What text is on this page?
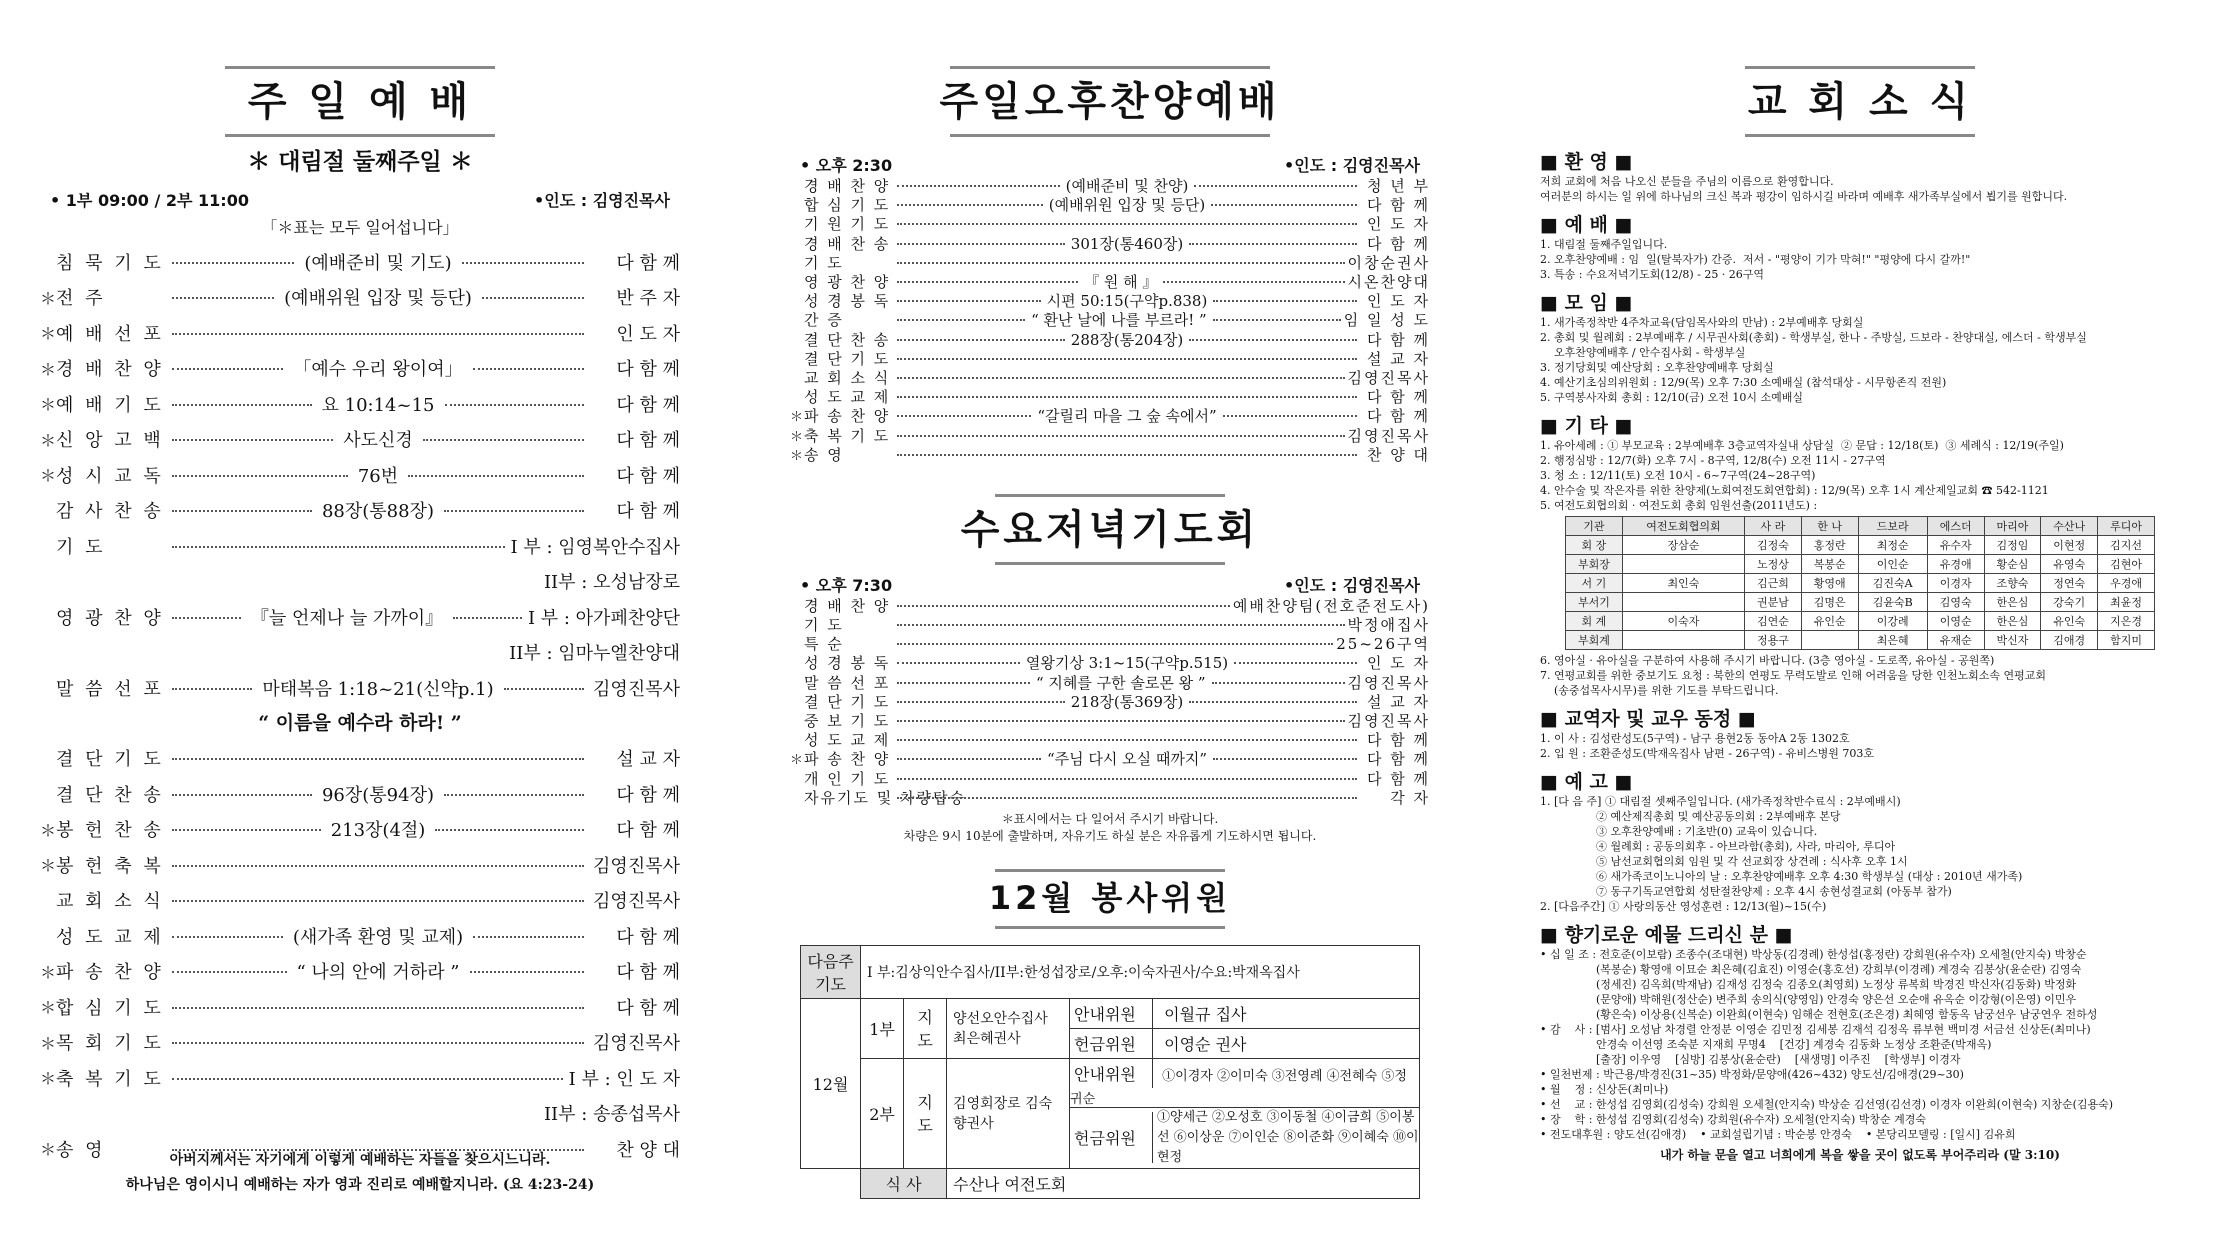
주 일 예 배
＊ 대림절 둘째주일 ＊
• 1부 09:00 / 2부 11:00	•인도 : 김영진목사
「＊표는 모두 일어섭니다」
침 묵 기 도	(예배준비 및 기도)	다 함 께
＊ 전 주	(예배위원 입장 및 등단)	반 주 자
＊ 예 배 선 포	인 도 자
＊ 경 배 찬 양	「예수 우리 왕이여」	다 함 께
＊ 예 배 기 도	요 10:14~15	다 함 께
＊ 신 앙 고 백	사도신경	다 함 께
＊ 성 시 교 독	76번	다 함 께
감 사 찬 송	88장(통88장)	다 함 께
기 도	I 부 : 임영복안수집사
II부 : 오성남장로
영 광 찬 양	『늘 언제나 늘 가까이』	I 부 : 아가페찬양단
II부 : 임마누엘찬양대
말 씀 선 포	마태복음 1:18~21(신약p.1)	김영진목사
“ 이름을 예수라 하라! ”
결 단 기 도	설 교 자
결 단 찬 송	96장(통94장)	다 함 께
＊ 봉 헌 찬 송	213장(4절)	다 함 께
＊ 봉 헌 축 복	김영진목사
교 회 소 식	김영진목사
성 도 교 제	(새가족 환영 및 교제)	다 함 께
＊ 파 송 찬 양	“ 나의 안에 거하라 ”	다 함 께
＊ 합 심 기 도	다 함 께
＊ 목 회 기 도	김영진목사
＊ 축 복 기 도	I 부 : 인 도 자
II부 : 송종섭목사
＊ 송 영	찬 양 대
아버지께서는 자기에게 이렇게 예배하는 자들을 찾으시느니라.
하나님은 영이시니 예배하는 자가 영과 진리로 예배할지니라. (요 4:23-24)
주일오후찬양예배
• 오후 2:30	•인도 : 김영진목사
경 배 찬 양	(예배준비 및 찬양)	청 년 부
합 심 기 도	(예배위원 입장 및 등단)	다 함 께
기 원 기 도	인 도 자
경 배 찬 송	301장(통460장)	다 함 께
기 도	이창순권사
영 광 찬 양	『 원 해 』	시온찬양대
성 경 봉 독	시편 50:15(구약p.838)	인 도 자
간 증	“ 환난 날에 나를 부르라! ”	임 일 성 도
결 단 찬 송	288장(통204장)	다 함 께
결 단 기 도	설 교 자
교 회 소 식	김영진목사
성 도 교 제	다 함 께
＊ 파 송 찬 양	“갈릴리 마을 그 숲 속에서”	다 함 께
＊ 축 복 기 도	김영진목사
＊ 송 영	찬 양 대
수요저녁기도회
• 오후 7:30	•인도 : 김영진목사
경 배 찬 양	예배찬양팀(전호준전도사)
기 도	박정애집사
특 순	25~26구역
성 경 봉 독	열왕기상 3:1~15(구약p.515)	인 도 자
말 씀 선 포	“ 지혜를 구한 솔로몬 왕 ”	김영진목사
결 단 기 도	218장(통369장)	설 교 자
중 보 기 도	김영진목사
성 도 교 제	다 함 께
＊ 파 송 찬 양	“주님 다시 오실 때까지”	다 함 께
개 인 기 도	다 함 께
자유기도 및 차량탑승	각 자
＊표시에서는 다 일어서 주시기 바랍니다.
차량은 9시 10분에 출발하며, 자유기도 하실 분은 자유롭게 기도하시면 됩니다.
12월 봉사위원
다음주기도	I 부:김상익안수집사/II부:한성섭장로/오후:이숙자권사/수요:박재옥집사			
12월	1부	지도	양선오안수집사 최은혜권사	안내위원 이월규 집사
				헌금위원 이영순 권사
	2부	지도	김영회장로 김숙향권사	안내위원 ①이경자 ②이미숙 ③전영례 ④전혜숙 ⑤정귀순

				헌금위원
①양세근 ②오성호 ③이동철 ④이금희 ⑤이봉선 ⑥이상운 ⑦이인순 ⑧이준화 ⑨이혜숙 ⑩이현정

	식 사		수산나 여전도회	
교 회 소 식
■ 환 영 ■
저희 교회에 처음 나오신 분들을 주님의 이름으로 환영합니다.
여러분의 하시는 일 위에 하나님의 크신 복과 평강이 임하시길 바라며 예배후 새가족부실에서 뵙기를 원합니다.
■ 예 배 ■
1. 대림절 둘째주일입니다.
2. 오후찬양예배 : 임  일(탈북자가) 간증.  저서 - "평양이 기가 막혀!" "평양에 다시 갈까!"
3. 특송 : 수요저녁기도회(12/8) - 25 · 26구역
■ 모 임 ■
1. 새가족정착반 4주차교육(담임목사와의 만남) : 2부예배후 당회실
2. 총회 및 월례회 : 2부예배후 / 시무권사회(총회) - 학생부실, 한나 - 주방실, 드보라 - 찬양대실, 에스더 - 학생부실
오후찬양예배후 / 안수집사회 - 학생부실
3. 정기당회및 예산당회 : 오후찬양예배후 당회실
4. 예산기초심의위원회 : 12/9(목) 오후 7:30 소예배실 (참석대상 - 시무항존직 전원)
5. 구역봉사자회 총회 : 12/10(금) 오전 10시 소예배실
■ 기 타 ■
1. 유아세례 : ① 부모교육 : 2부예배후 3층교역자실내 상담실  ② 문답 : 12/18(토)  ③ 세례식 : 12/19(주일)
2. 행정심방 : 12/7(화) 오후 7시 - 8구역, 12/8(수) 오전 11시 - 27구역
3. 청 소 : 12/11(토) 오전 10시 - 6~7구역(24~28구역)
4. 안수술 및 작은자를 위한 찬양제(노회여전도회연합회) : 12/9(목) 오후 1시 계산제일교회 ☎ 542-1121
5. 여전도회협의회 · 여전도회 총회 임원선출(2011년도) :
기관	여전도회협의회	사 라	한 나	드보라	에스더	마리아	수산나	루디아
회 장	장삼순	김정숙	홍정란	최정순	유수자	김정임	이현정	김지선
부회장		노정상	복봉순	이인순	유경애	황순심	유영숙	김현아
서 기	최인숙	김근희	황영애	김진숙A	이경자	조향숙	정연숙	우경애
부서기		권분남	김명은	김윤숙B	김영숙	한은심	강숙기	최윤정
회 계	이숙자	김연순	유인순	이강례	이영순	한은심	유인숙	지은경
부회계		정용구		최은혜	유재순	박신자	김애경	함지미
6. 영아실 · 유아실을 구분하여 사용해 주시기 바랍니다. (3층 영아실 - 도로쪽, 유아실 - 공원쪽)
7. 연평교회를 위한 중보기도 요청 : 북한의 연평도 무력도발로 인해 어려움을 당한 인천노회소속 연평교회
(송중섭목사시무)를 위한 기도를 부탁드립니다.
■ 교역자 및 교우 동정 ■
1. 이 사 : 김성란성도(5구역) - 남구 용현2동 동아A 2동 1302호
2. 입 원 : 조환준성도(박재옥집사 남편 - 26구역) - 유비스병원 703호
■ 예 고 ■
1. [다 음 주] ① 대림절 셋째주일입니다. (새가족정착반수료식 : 2부예배시)
② 예산제직총회 및 예산공동의회 : 2부예배후 본당
③ 오후찬양예배 : 기초반(0) 교육이 있습니다.
④ 월례회 : 공동의회후 - 아브라함(총회), 사라, 마리아, 루디아
⑤ 남선교회협의회 임원 및 각 선교회장 상견례 : 식사후 오후 1시
⑥ 새가족코이노니아의 날 : 오후찬양예배후 오후 4:30 학생부실 (대상 : 2010년 새가족)
⑦ 동구기독교연합회 성탄절찬양제 : 오후 4시 송현성결교회 (아동부 참가)
2. [다음주간] ① 사랑의동산 영성훈련 : 12/13(월)~15(수)
■ 향기로운 예물 드리신 분 ■
• 십 일 조 : 전호준(이보람) 조종수(조대현) 박상동(김경례) 한성섭(홍정란) 강희원(유수자) 오세철(안지숙) 박창순
(복봉순) 황영애 이묘순 최은혜(김효진) 이영순(홍호선) 강희부(이경례) 계경숙 김봉상(윤순란) 김영숙
(정세진) 김옥희(박재남) 김재성 김정숙 김종오(최영희) 노정상 류복희 박경진 박신자(김동화) 박정화
(문양애) 박해원(정산순) 변주희 송의식(양영임) 안경숙 양은선 오순애 유옥순 이강형(이은영) 이민우
(황은숙) 이상용(신복순) 이완희(이현숙) 임해순 전현호(조은경) 최혜영 함동옥 남궁선우 남궁연우 전하성
• 감    사 : [범사] 오성남 차경렬 안정분 이영순 김민정 김세봉 김재석 김정옥 류부현 백미경 서금선 신상돈(최미나)
안경숙 이선영 조숙분 지재희 무명4    [건강] 계경숙 김동화 노정상 조환준(박재옥)
[출장] 이우영    [심방] 김봉상(윤순란)    [새생명] 이주진    [학생부] 이경자
• 일천번제 : 박근용/박경진(31~35) 박정화/문양애(426~432) 양도선/김애경(29~30)
• 월    정 : 신상돈(최미나)
• 선    교 : 한성섭 김영회(김성숙) 강희원 오세철(안지숙) 박상순 김선영(김선경) 이경자 이완희(이현숙) 지창순(김용숙)
• 장    학 : 한성섭 김영회(김성숙) 강희원(유수자) 오세철(안지숙) 박창순 계경숙
• 전도대후원 : 양도선(김애경)    • 교회설립기념 : 박순봉 안경숙    • 본당리모델링 : [일시] 김유희
내가 하늘 문을 열고 너희에게 복을 쌓을 곳이 없도록 부어주리라 (말 3:10)
